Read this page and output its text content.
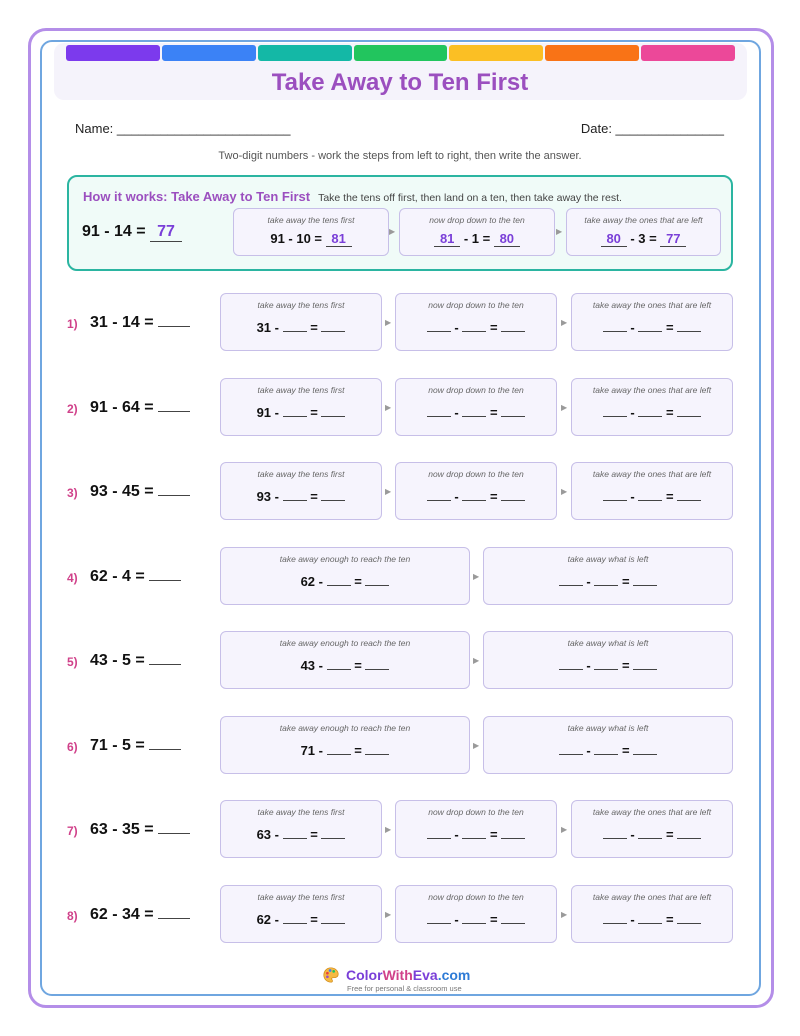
Take Away to Ten First
Name: ________________________	Date: _______________
Two-digit numbers - work the steps from left to right, then write the answer.
How it works: Take Away to Ten First Take the tens off first, then land on a ten, then take away the rest.
91 - 14 = 77
take away the tens first
91 - 10 = 81	▶
now drop down to the ten
81 - 1 = 80	▶
take away the ones that are left
80 - 3 = 77
1) 31 - 14 =
take away the tens first
31 -  =	▶
now drop down to the ten
-  =	▶
take away the ones that are left
-  =
2) 91 - 64 =
take away the tens first
91 -  =	▶
now drop down to the ten
-  =	▶
take away the ones that are left
-  =
3) 93 - 45 =
take away the tens first
93 -  =	▶
now drop down to the ten
-  =	▶
take away the ones that are left
-  =
4) 62 - 4 =
take away enough to reach the ten
62 -  =	▶
take away what is left
-  =
5) 43 - 5 =
take away enough to reach the ten
43 -  =	▶
take away what is left
-  =
6) 71 - 5 =
take away enough to reach the ten
71 -  =	▶
take away what is left
-  =
7) 63 - 35 =
take away the tens first
63 -  =	▶
now drop down to the ten
-  =	▶
take away the ones that are left
-  =
8) 62 - 34 =
take away the tens first
62 -  =	▶
now drop down to the ten
-  =	▶
take away the ones that are left
-  =
ColorWithEva.com
Free for personal & classroom use
